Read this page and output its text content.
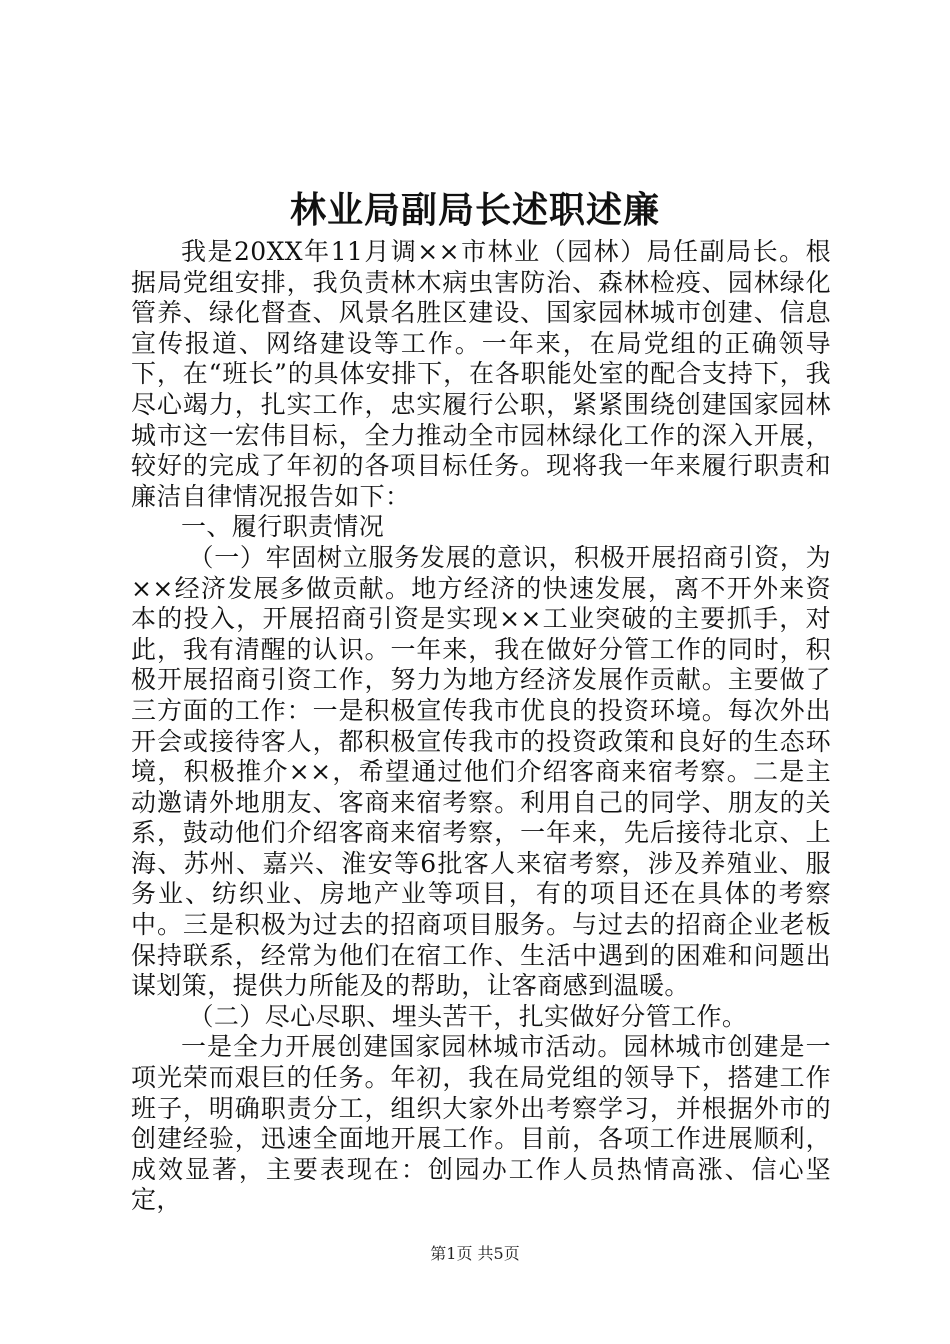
林业局副局长述职述廉

我是20XX年11月调××市林业（园林）局任副局长。根据局党组安排，我负责林木病虫害防治、森林检疫、园林绿化管养、绿化督查、风景名胜区建设、国家园林城市创建、信息宣传报道、网络建设等工作。一年来，在局党组的正确领导下，在“班长”的具体安排下，在各职能处室的配合支持下，我尽心竭力，扎实工作，忠实履行公职，紧紧围绕创建国家园林城市这一宏伟目标，全力推动全市园林绿化工作的深入开展，较好的完成了年初的各项目标任务。现将我一年来履行职责和廉洁自律情况报告如下：

一、履行职责情况

（一）牢固树立服务发展的意识，积极开展招商引资，为××经济发展多做贡献。地方经济的快速发展，离不开外来资本的投入，开展招商引资是实现××工业突破的主要抓手，对此，我有清醒的认识。一年来，我在做好分管工作的同时，积极开展招商引资工作，努力为地方经济发展作贡献。主要做了三方面的工作：一是积极宣传我市优良的投资环境。每次外出开会或接待客人，都积极宣传我市的投资政策和良好的生态环境，积极推介××，希望通过他们介绍客商来宿考察。二是主动邀请外地朋友、客商来宿考察。利用自己的同学、朋友的关系，鼓动他们介绍客商来宿考察，一年来，先后接待北京、上海、苏州、嘉兴、淮安等6批客人来宿考察，涉及养殖业、服务业、纺织业、房地产业等项目，有的项目还在具体的考察中。三是积极为过去的招商项目服务。与过去的招商企业老板保持联系，经常为他们在宿工作、生活中遇到的困难和问题出谋划策，提供力所能及的帮助，让客商感到温暖。

（二）尽心尽职、埋头苦干，扎实做好分管工作。

一是全力开展创建国家园林城市活动。园林城市创建是一项光荣而艰巨的任务。年初，我在局党组的领导下，搭建工作班子，明确职责分工，组织大家外出考察学习，并根据外市的创建经验，迅速全面地开展工作。目前，各项工作进展顺利，成效显著，主要表现在：创园办工作人员热情高涨、信心坚定，

第1页 共5页
